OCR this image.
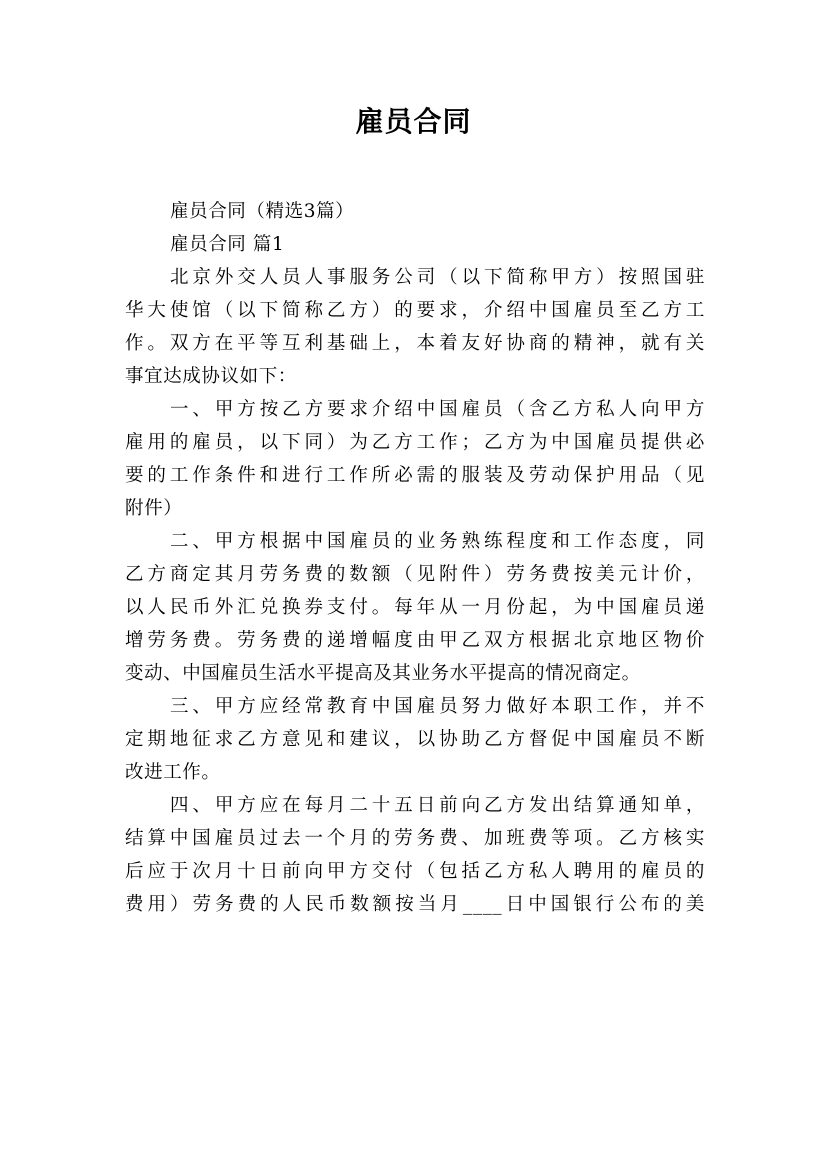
雇员合同
雇员合同（精选3篇）
雇员合同 篇1
北京外交人员人事服务公司（以下简称甲方）按照国驻
华大使馆（以下简称乙方）的要求，介绍中国雇员至乙方工
作。双方在平等互利基础上，本着友好协商的精神，就有关
事宜达成协议如下：
一、甲方按乙方要求介绍中国雇员（含乙方私人向甲方
雇用的雇员，以下同）为乙方工作；乙方为中国雇员提供必
要的工作条件和进行工作所必需的服装及劳动保护用品（见
附件）
二、甲方根据中国雇员的业务熟练程度和工作态度，同
乙方商定其月劳务费的数额（见附件）劳务费按美元计价，
以人民币外汇兑换券支付。每年从一月份起，为中国雇员递
增劳务费。劳务费的递增幅度由甲乙双方根据北京地区物价
变动、中国雇员生活水平提高及其业务水平提高的情况商定。
三、甲方应经常教育中国雇员努力做好本职工作，并不
定期地征求乙方意见和建议，以协助乙方督促中国雇员不断
改进工作。
四、甲方应在每月二十五日前向乙方发出结算通知单，
结算中国雇员过去一个月的劳务费、加班费等项。乙方核实
后应于次月十日前向甲方交付（包括乙方私人聘用的雇员的
费用）劳务费的人民币数额按当月____日中国银行公布的美
